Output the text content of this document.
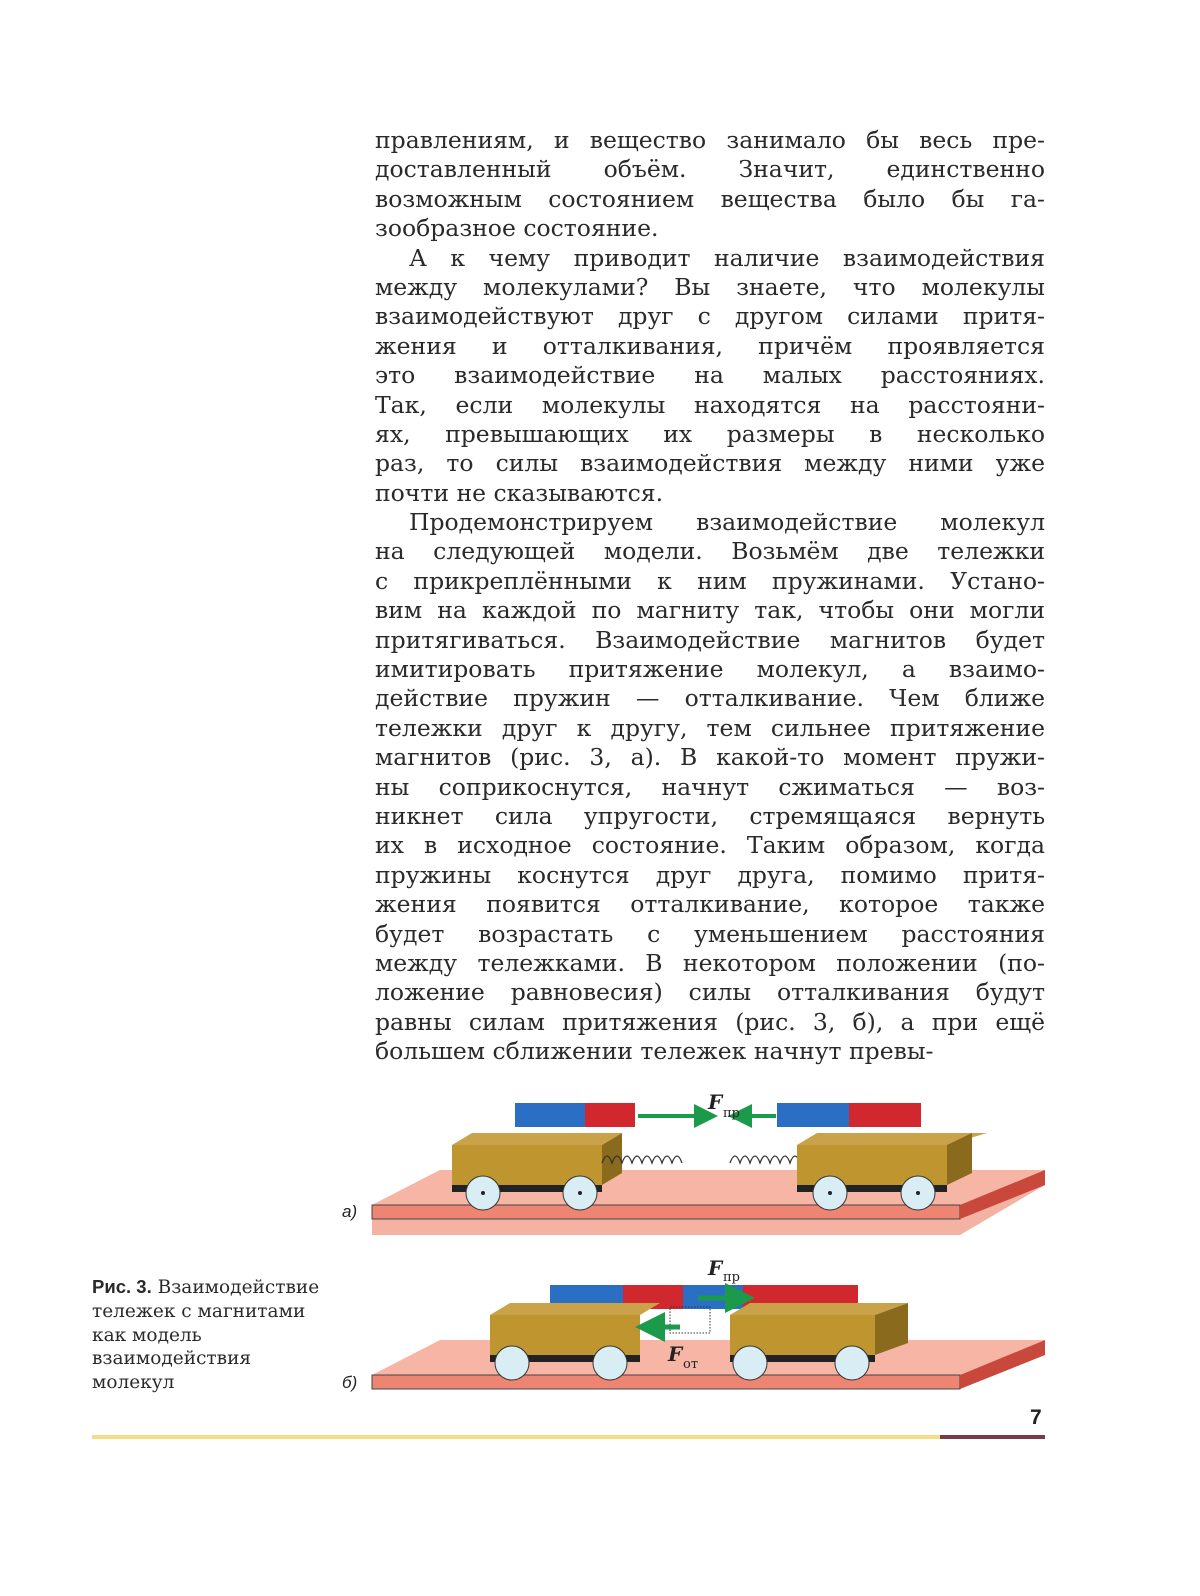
правлениям, и вещество занимало бы весь пре-
доставленный объём. Значит, единственно
возможным состоянием вещества было бы га-
зообразное состояние.
А к чему приводит наличие взаимодействия
между молекулами? Вы знаете, что молекулы
взаимодействуют друг с другом силами притя-
жения и отталкивания, причём проявляется
это взаимодействие на малых расстояниях.
Так, если молекулы находятся на расстояни-
ях, превышающих их размеры в несколько
раз, то силы взаимодействия между ними уже
почти не сказываются.
Продемонстрируем взаимодействие молекул
на следующей модели. Возьмём две тележки
с прикреплёнными к ним пружинами. Устано-
вим на каждой по магниту так, чтобы они могли
притягиваться. Взаимодействие магнитов будет
имитировать притяжение молекул, а взаимо-
действие пружин — отталкивание. Чем ближе
тележки друг к другу, тем сильнее притяжение
магнитов (рис. 3, а). В какой-то момент пружи-
ны соприкоснутся, начнут сжиматься — воз-
никнет сила упругости, стремящаяся вернуть
их в исходное состояние. Таким образом, когда
пружины коснутся друг друга, помимо притя-
жения появится отталкивание, которое также
будет возрастать с уменьшением расстояния
между тележками. В некотором положении (по-
ложение равновесия) силы отталкивания будут
равны силам притяжения (рис. 3, б), а при ещё
большем сближении тележек начнут превы-
F пр
а)
F пр
F от
б)
Рис. 3. Взаимодействие
тележек с магнитами
как модель
взаимодействия
молекул
7
